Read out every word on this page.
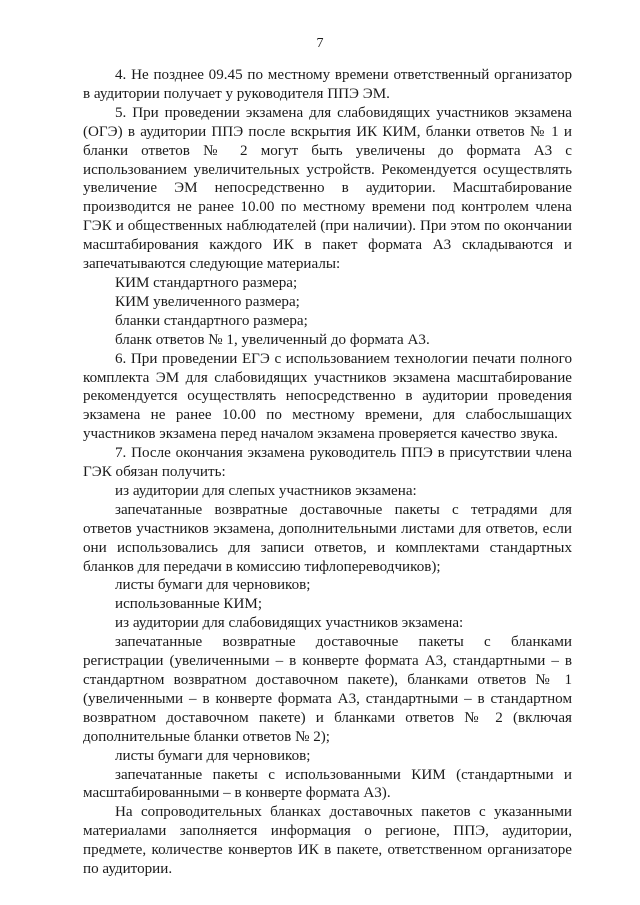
7

4. Не позднее 09.45 по местному времени ответственный организатор в аудитории получает у руководителя ППЭ ЭМ.

5. При проведении экзамена для слабовидящих участников экзамена (ОГЭ) в аудитории ППЭ после вскрытия ИК КИМ, бланки ответов № 1 и бланки ответов № 2 могут быть увеличены до формата А3 с использованием увеличительных устройств. Рекомендуется осуществлять увеличение ЭМ непосредственно в аудитории. Масштабирование производится не ранее 10.00 по местному времени под контролем члена ГЭК и общественных наблюдателей (при наличии). При этом по окончании масштабирования каждого ИК в пакет формата А3 складываются и запечатываются следующие материалы:

КИМ стандартного размера;

КИМ увеличенного размера;

бланки стандартного размера;

бланк ответов № 1, увеличенный до формата А3.

6. При проведении ЕГЭ с использованием технологии печати полного комплекта ЭМ для слабовидящих участников экзамена масштабирование рекомендуется осуществлять непосредственно в аудитории проведения экзамена не ранее 10.00 по местному времени, для слабослышащих участников экзамена перед началом экзамена проверяется качество звука.

7. После окончания экзамена руководитель ППЭ в присутствии члена ГЭК обязан получить:

из аудитории для слепых участников экзамена:

запечатанные возвратные доставочные пакеты с тетрадями для ответов участников экзамена, дополнительными листами для ответов, если они использовались для записи ответов, и комплектами стандартных бланков для передачи в комиссию тифлопереводчиков);

листы бумаги для черновиков;

использованные КИМ;

из аудитории для слабовидящих участников экзамена:

запечатанные возвратные доставочные пакеты с бланками регистрации (увеличенными – в конверте формата А3, стандартными – в стандартном возвратном доставочном пакете), бланками ответов № 1 (увеличенными – в конверте формата А3, стандартными – в стандартном возвратном доставочном пакете) и бланками ответов № 2 (включая дополнительные бланки ответов № 2);

листы бумаги для черновиков;

запечатанные пакеты с использованными КИМ (стандартными и масштабированными – в конверте формата А3).

На сопроводительных бланках доставочных пакетов с указанными материалами заполняется информация о регионе, ППЭ, аудитории, предмете, количестве конвертов ИК в пакете, ответственном организаторе по аудитории.
